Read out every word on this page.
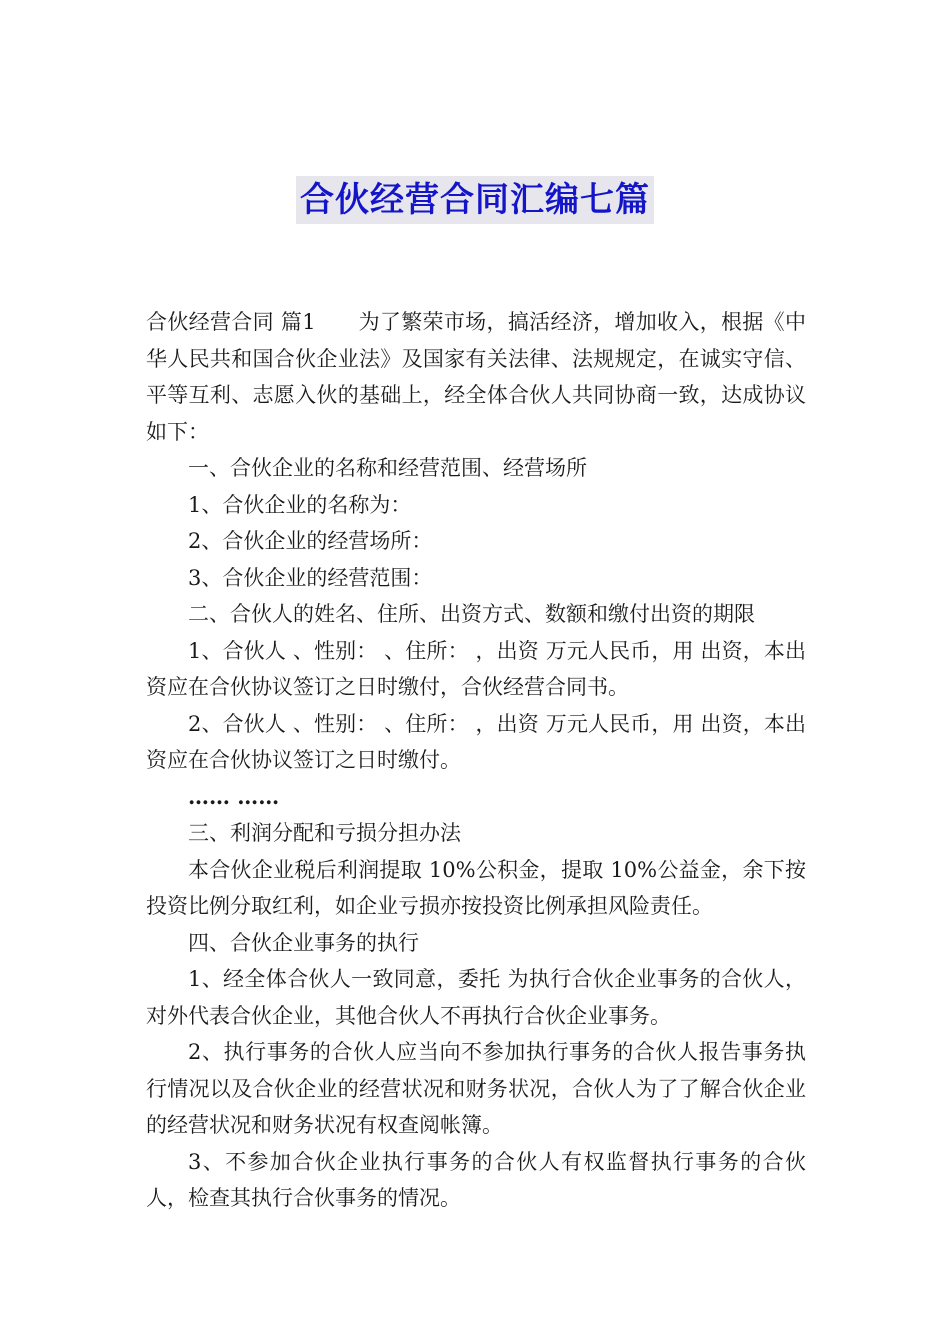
合伙经营合同汇编七篇

合伙经营合同 篇1　　为了繁荣市场，搞活经济，增加收入，根据《中华人民共和国合伙企业法》及国家有关法律、法规规定，在诚实守信、平等互利、志愿入伙的基础上，经全体合伙人共同协商一致，达成协议如下：

一、合伙企业的名称和经营范围、经营场所

1、合伙企业的名称为：

2、合伙企业的经营场所：

3、合伙企业的经营范围：

二、合伙人的姓名、住所、出资方式、数额和缴付出资的期限

1、合伙人 、性别： 、住所： ，出资 万元人民币，用 出资，本出资应在合伙协议签订之日时缴付，合伙经营合同书。

2、合伙人 、性别： 、住所： ，出资 万元人民币，用 出资，本出资应在合伙协议签订之日时缴付。

…… ……

三、利润分配和亏损分担办法

本合伙企业税后利润提取 10%公积金，提取 10%公益金，余下按投资比例分取红利，如企业亏损亦按投资比例承担风险责任。

四、合伙企业事务的执行

1、经全体合伙人一致同意，委托 为执行合伙企业事务的合伙人，对外代表合伙企业，其他合伙人不再执行合伙企业事务。

2、执行事务的合伙人应当向不参加执行事务的合伙人报告事务执行情况以及合伙企业的经营状况和财务状况，合伙人为了了解合伙企业的经营状况和财务状况有权查阅帐簿。

3、不参加合伙企业执行事务的合伙人有权监督执行事务的合伙人，检查其执行合伙事务的情况。
